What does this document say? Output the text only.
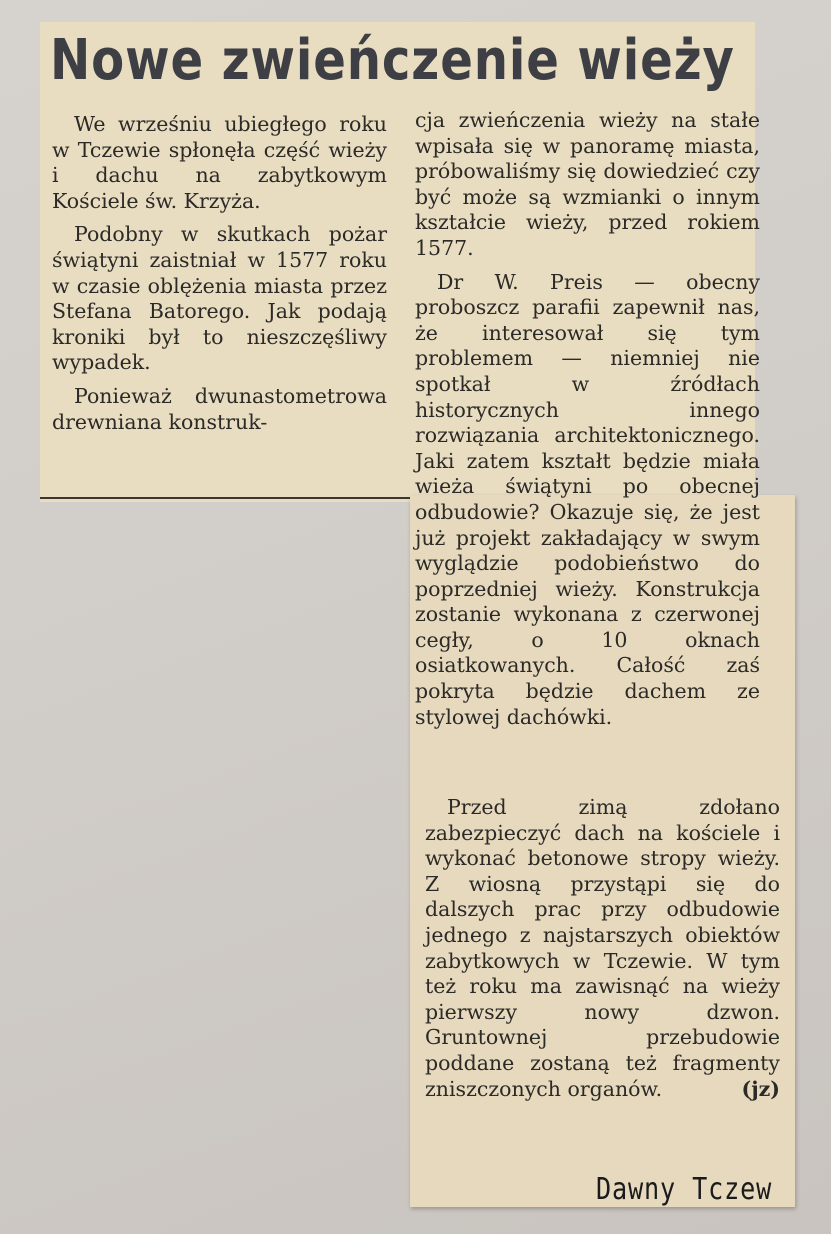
Nowe zwieńczenie wieży

We wrześniu ubiegłego roku w Tczewie spłonęła część wieży i dachu na zabytkowym Kościele św. Krzyża.

Podobny w skutkach pożar świątyni zaistniał w 1577 roku w czasie oblężenia miasta przez Stefana Batorego. Jak podają kroniki był to nieszczęśliwy wypadek.

Ponieważ dwunastometrowa drewniana konstruk-

cja zwieńczenia wieży na stałe wpisała się w panoramę miasta, próbowaliśmy się dowiedzieć czy być może są wzmianki o innym kształcie wieży, przed rokiem 1577.

Dr W. Preis — obecny proboszcz parafii zapewnił nas, że interesował się tym problemem — niemniej nie spotkał w źródłach historycznych innego rozwiązania architektonicznego. Jaki zatem kształt będzie miała wieża świątyni po obecnej odbudowie? Okazuje się, że jest już projekt zakładający w swym wyglądzie podobieństwo do poprzedniej wieży. Konstrukcja zostanie wykonana z czerwonej cegły, o 10 oknach osiatkowanych. Całość zaś pokryta będzie dachem ze stylowej dachówki.

Przed zimą zdołano zabezpieczyć dach na kościele i wykonać betonowe stropy wieży. Z wiosną przystąpi się do dalszych prac przy odbudowie jednego z najstarszych obiektów zabytkowych w Tczewie. W tym też roku ma zawisnąć na wieży pierwszy nowy dzwon. Gruntownej przebudowie poddane zostaną też fragmenty zniszczonych organów.	(jz)

Dawny Tczew
